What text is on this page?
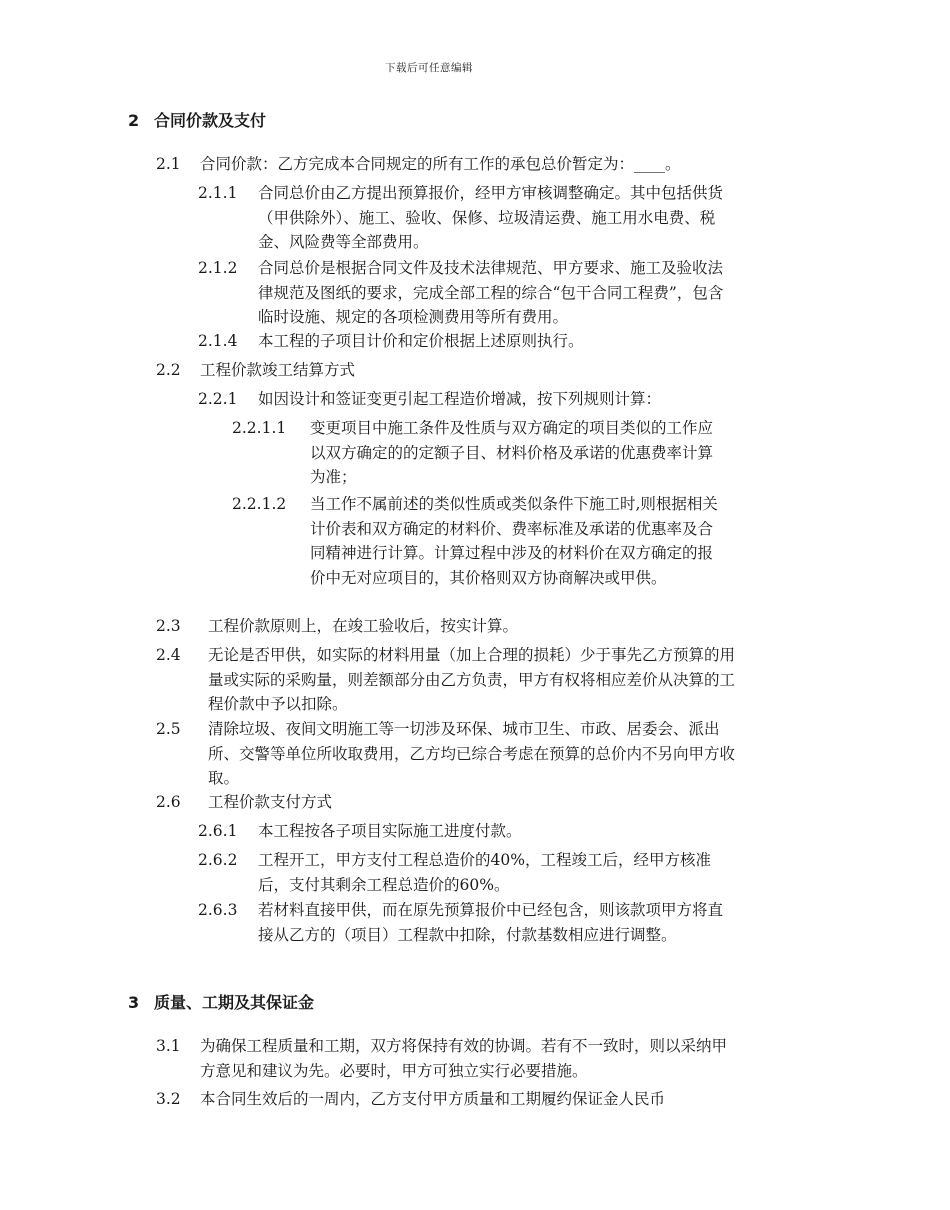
下载后可任意编辑
2 合同价款及支付
2.1	合同价款：乙方完成本合同规定的所有工作的承包总价暂定为：____。
2.1.1	合同总价由乙方提出预算报价，经甲方审核调整确定。其中包括供货（甲供除外）、施工、验收、保修、垃圾清运费、施工用水电费、税金、风险费等全部费用。
2.1.2	合同总价是根据合同文件及技术法律规范、甲方要求、施工及验收法律规范及图纸的要求，完成全部工程的综合“包干合同工程费”，包含临时设施、规定的各项检测费用等所有费用。
2.1.4	本工程的子项目计价和定价根据上述原则执行。
2.2	工程价款竣工结算方式
2.2.1	如因设计和签证变更引起工程造价增减，按下列规则计算：
2.2.1.1	变更项目中施工条件及性质与双方确定的项目类似的工作应以双方确定的的定额子目、材料价格及承诺的优惠费率计算为准；
2.2.1.2	当工作不属前述的类似性质或类似条件下施工时,则根据相关计价表和双方确定的材料价、费率标准及承诺的优惠率及合同精神进行计算。计算过程中涉及的材料价在双方确定的报价中无对应项目的，其价格则双方协商解决或甲供。
2.3	工程价款原则上，在竣工验收后，按实计算。
2.4	无论是否甲供，如实际的材料用量（加上合理的损耗）少于事先乙方预算的用量或实际的采购量，则差额部分由乙方负责，甲方有权将相应差价从决算的工程价款中予以扣除。
2.5	清除垃圾、夜间文明施工等一切涉及环保、城市卫生、市政、居委会、派出所、交警等单位所收取费用，乙方均已综合考虑在预算的总价内不另向甲方收取。
2.6	工程价款支付方式
2.6.1	本工程按各子项目实际施工进度付款。
2.6.2	工程开工，甲方支付工程总造价的40%，工程竣工后，经甲方核准后，支付其剩余工程总造价的60%。
2.6.3	若材料直接甲供，而在原先预算报价中已经包含，则该款项甲方将直接从乙方的（项目）工程款中扣除，付款基数相应进行调整。
3 质量、工期及其保证金
3.1	为确保工程质量和工期，双方将保持有效的协调。若有不一致时，则以采纳甲方意见和建议为先。必要时，甲方可独立实行必要措施。
3.2	本合同生效后的一周内，乙方支付甲方质量和工期履约保证金人民币
